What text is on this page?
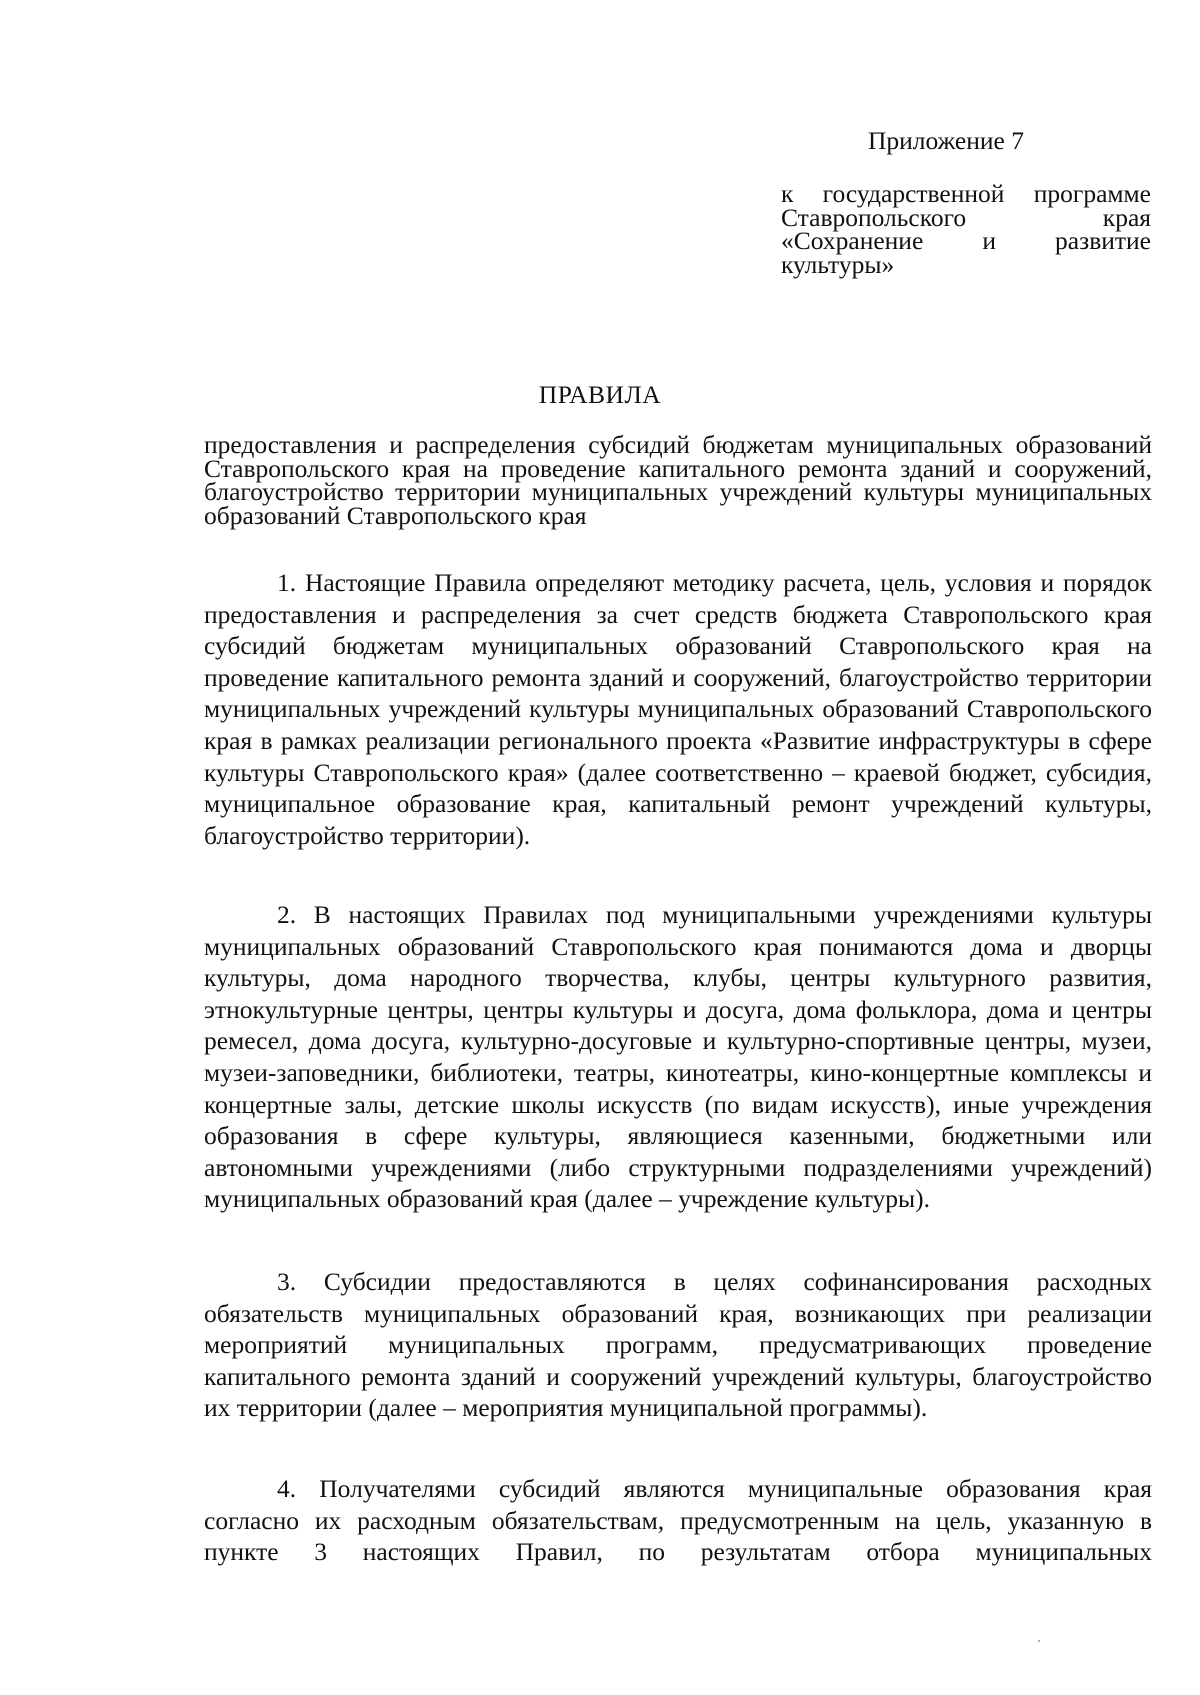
Приложение 7
к государственной программе Ставропольского края «Сохранение и развитие культуры»
ПРАВИЛА
предоставления и распределения субсидий бюджетам муниципальных образований Ставропольского края на проведение капитального ремонта зданий и сооружений, благоустройство территории муниципальных учреждений культуры муниципальных образований Ставропольского края

1. Настоящие Правила определяют методику расчета, цель, условия и порядок предоставления и распределения за счет средств бюджета Ставропольского края субсидий бюджетам муниципальных образований Ставропольского края на проведение капитального ремонта зданий и сооружений, благоустройство территории муниципальных учреждений культуры муниципальных образований Ставропольского края в рамках реализации регионального проекта «Развитие инфраструктуры в сфере культуры Ставропольского края» (далее соответственно – краевой бюджет, субсидия, муниципальное образование края, капитальный ремонт учреждений культуры, благоустройство территории).

2. В настоящих Правилах под муниципальными учреждениями культуры муниципальных образований Ставропольского края понимаются дома и дворцы культуры, дома народного творчества, клубы, центры культурного развития, этнокультурные центры, центры культуры и досуга, дома фольклора, дома и центры ремесел, дома досуга, культурно-досуговые и культурно-спортивные центры, музеи, музеи-заповедники, библиотеки, театры, кинотеатры, кино-концертные комплексы и концертные залы, детские школы искусств (по видам искусств), иные учреждения образования в сфере культуры, являющиеся казенными, бюджетными или автономными учреждениями (либо структурными подразделениями учреждений) муниципальных образований края (далее – учреждение культуры).

3. Субсидии предоставляются в целях софинансирования расходных обязательств муниципальных образований края, возникающих при реализации мероприятий муниципальных программ, предусматривающих проведение капитального ремонта зданий и сооружений учреждений культуры, благоустройство их территории (далее – мероприятия муниципальной программы).

4. Получателями субсидий являются муниципальные образования края согласно их расходным обязательствам, предусмотренным на цель, указанную в пункте 3 настоящих Правил, по результатам отбора муниципальных
